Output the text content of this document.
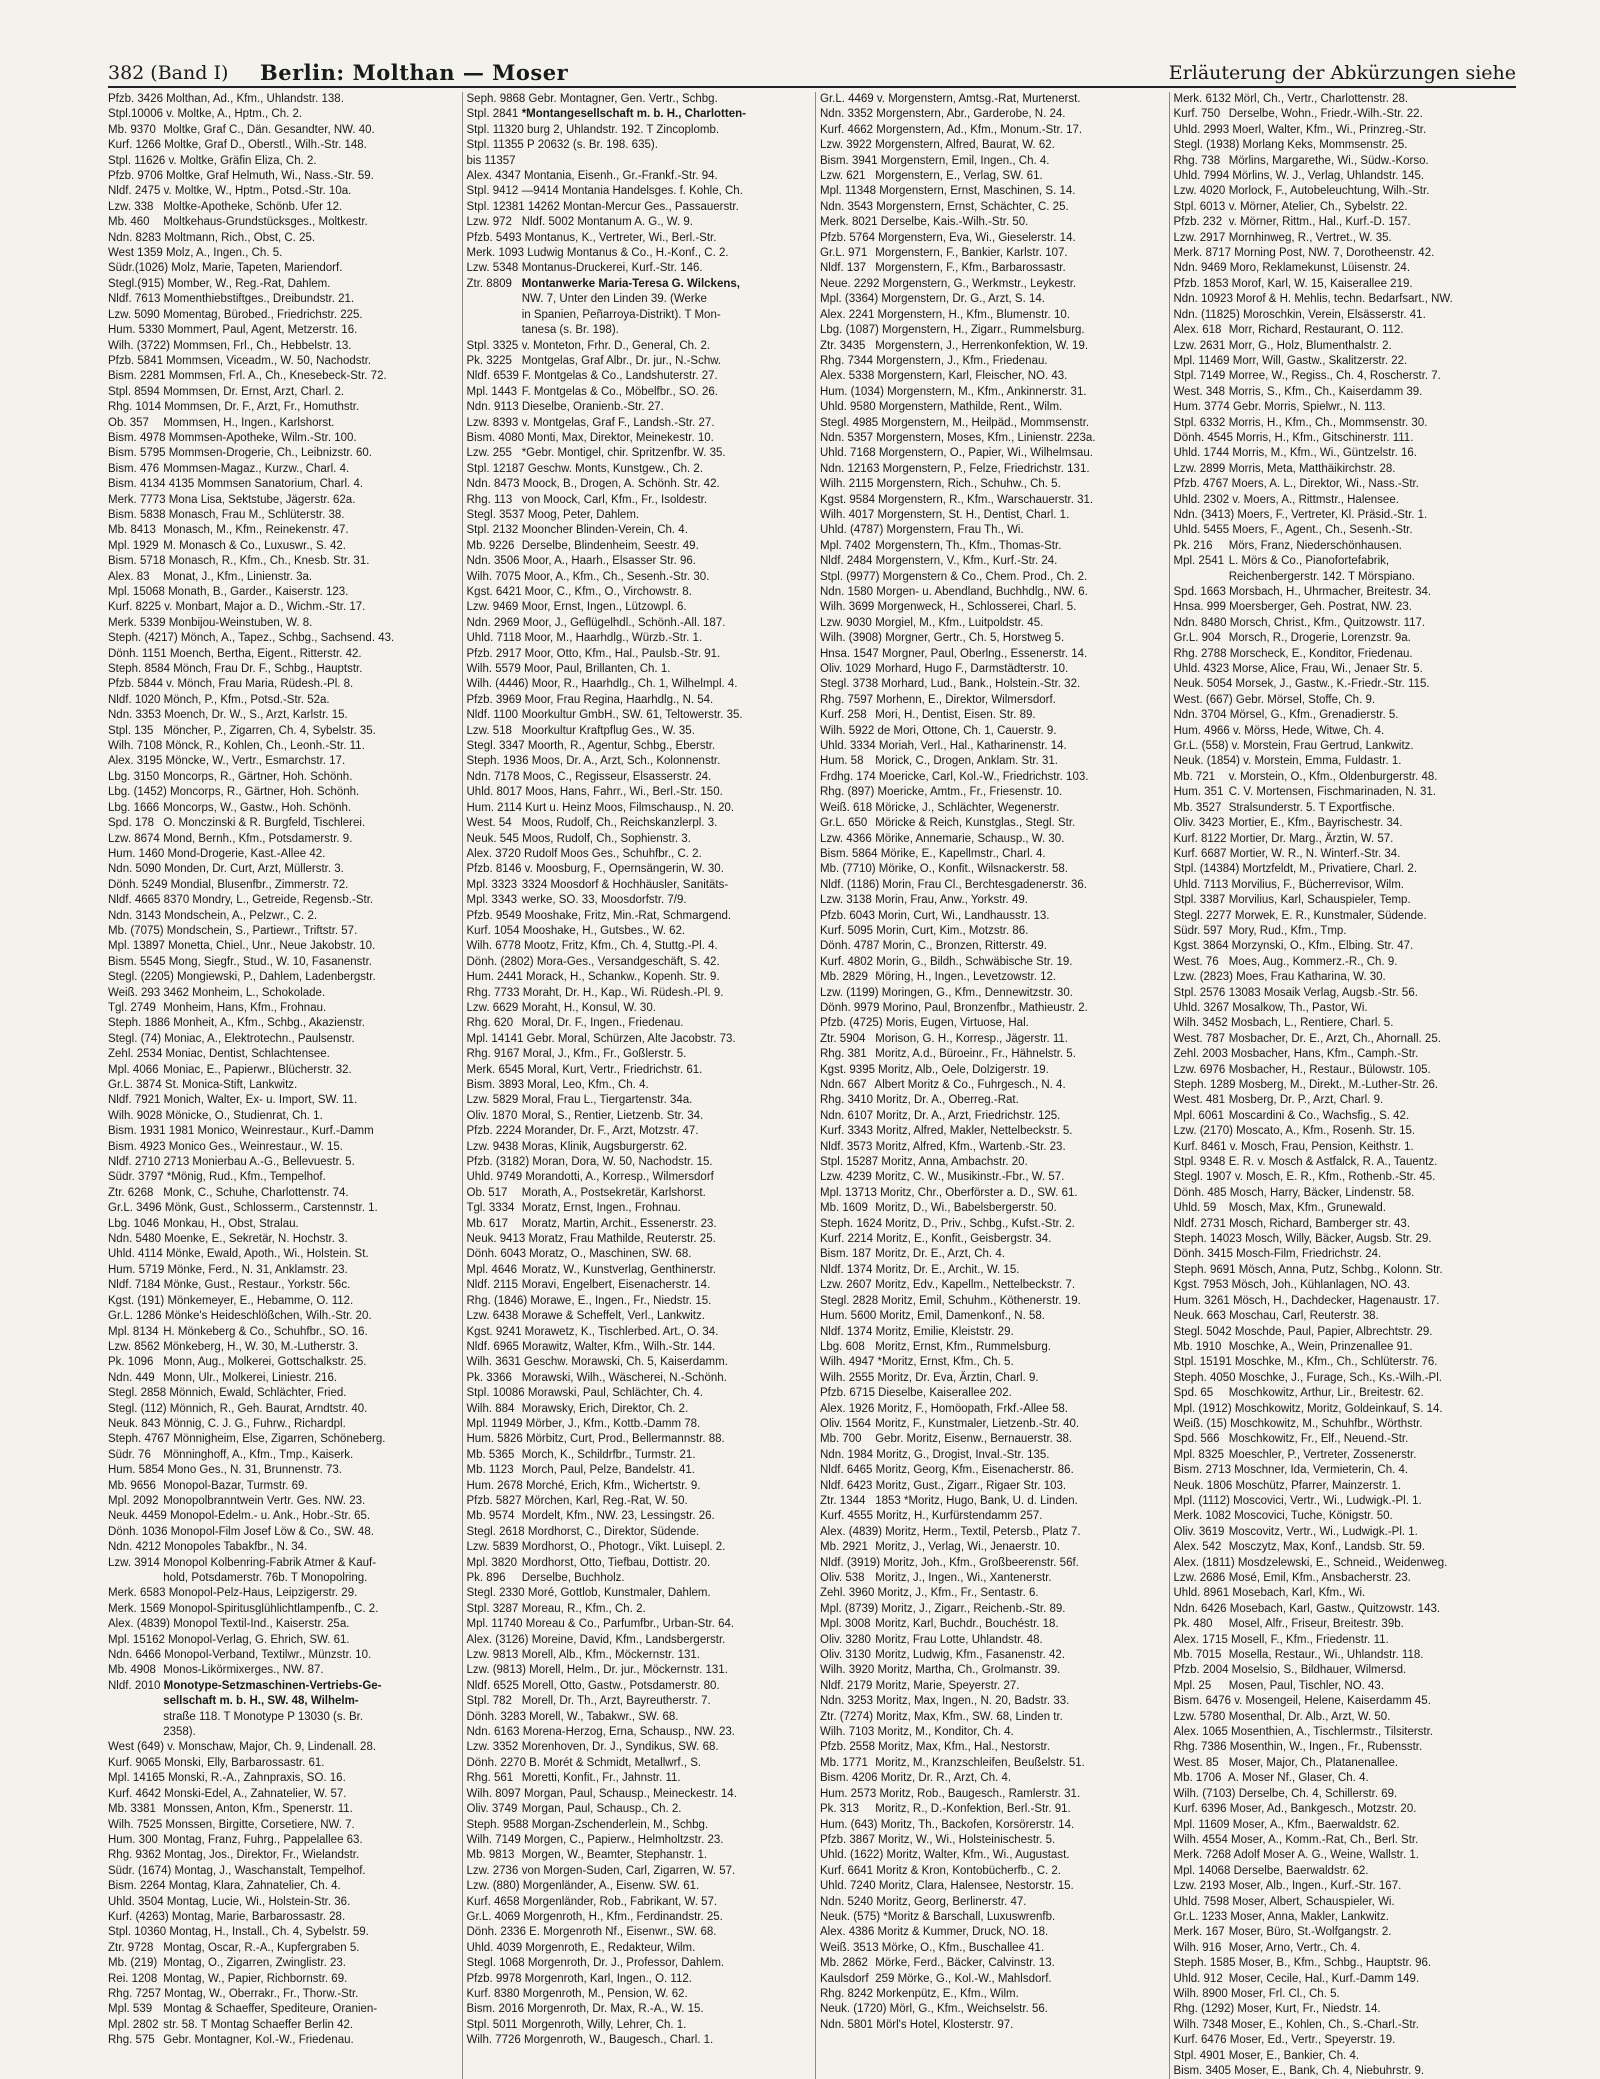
382 (Band I) Berlin: Molthan — Moser	Erläuterung der Abkürzungen siehe
Pfzb. 3426 Molthan, Ad., Kfm., Uhlandstr. 138.
Stpl.10006 v. Moltke, A., Hptm., Ch. 2.
Mb. 9370 Moltke, Graf C., Dän. Gesandter, NW. 40.
Kurf. 1266 Moltke, Graf D., Oberstl., Wilh.-Str. 148.
Stpl. 11626 v. Moltke, Gräfin Eliza, Ch. 2.
Pfzb. 9706 Moltke, Graf Helmuth, Wi., Nass.-Str. 59.
Nldf. 2475 v. Moltke, W., Hptm., Potsd.-Str. 10a.
Lzw. 338 Moltke-Apotheke, Schönb. Ufer 12.
Mb. 460 Moltkehaus-Grundstücksges., Moltkestr.
Ndn. 8283 Moltmann, Rich., Obst, C. 25.
West 1359 Molz, A., Ingen., Ch. 5.
Südr.(1026) Molz, Marie, Tapeten, Mariendorf.
Stegl.(915) Momber, W., Reg.-Rat, Dahlem.
Nldf. 7613 Momenthiebstiftges., Dreibundstr. 21.
Lzw. 5090 Momentag, Bürobed., Friedrichstr. 225.
Hum. 5330 Mommert, Paul, Agent, Metzerstr. 16.
Wilh. (3722) Mommsen, Frl., Ch., Hebbelstr. 13.
Pfzb. 5841 Mommsen, Viceadm., W. 50, Nachodstr.
Bism. 2281 Mommsen, Frl. A., Ch., Knesebeck-Str. 72.
Stpl. 8594 Mommsen, Dr. Ernst, Arzt, Charl. 2.
Rhg. 1014 Mommsen, Dr. F., Arzt, Fr., Homuthstr.
Ob. 357 Mommsen, H., Ingen., Karlshorst.
Bism. 4978 Mommsen-Apotheke, Wilm.-Str. 100.
Bism. 5795 Mommsen-Drogerie, Ch., Leibnizstr. 60.
Bism. 476 Mommsen-Magaz., Kurzw., Charl. 4.
Bism. 4134 4135 Mommsen Sanatorium, Charl. 4.
Merk. 7773 Mona Lisa, Sektstube, Jägerstr. 62a.
Bism. 5838 Monasch, Frau M., Schlüterstr. 38.
Mb. 8413 Monasch, M., Kfm., Reinekenstr. 47.
Mpl. 1929 M. Monasch & Co., Luxuswr., S. 42.
Bism. 5718 Monasch, R., Kfm., Ch., Knesb. Str. 31.
Alex. 83 Monat, J., Kfm., Linienstr. 3a.
Mpl. 15068 Monath, B., Garder., Kaiserstr. 123.
Kurf. 8225 v. Monbart, Major a. D., Wichm.-Str. 17.
Merk. 5339 Monbijou-Weinstuben, W. 8.
Steph. (4217) Mönch, A., Tapez., Schbg., Sachsend. 43.
Dönh. 1151 Moench, Bertha, Eigent., Ritterstr. 42.
Steph. 8584 Mönch, Frau Dr. F., Schbg., Hauptstr.
Pfzb. 5844 v. Mönch, Frau Maria, Rüdesh.-Pl. 8.
Nldf. 1020 Mönch, P., Kfm., Potsd.-Str. 52a.
Ndn. 3353 Moench, Dr. W., S., Arzt, Karlstr. 15.
Stpl. 135 Möncher, P., Zigarren, Ch. 4, Sybelstr. 35.
Wilh. 7108 Mönck, R., Kohlen, Ch., Leonh.-Str. 11.
Alex. 3195 Möncke, W., Vertr., Esmarchstr. 17.
Lbg. 3150 Moncorps, R., Gärtner, Hoh. Schönh.
Lbg. (1452) Moncorps, R., Gärtner, Hoh. Schönh.
Lbg. 1666 Moncorps, W., Gastw., Hoh. Schönh.
Spd. 178 O. Monczinski & R. Burgfeld, Tischlerei.
Lzw. 8674 Mond, Bernh., Kfm., Potsdamerstr. 9.
Hum. 1460 Mond-Drogerie, Kast.-Allee 42.
Ndn. 5090 Monden, Dr. Curt, Arzt, Müllerstr. 3.
Dönh. 5249 Mondial, Blusenfbr., Zimmerstr. 72.
Nldf. 4665 8370 Mondry, L., Getreide, Regensb.-Str.
Ndn. 3143 Mondschein, A., Pelzwr., C. 2.
Mb. (7075) Mondschein, S., Partiewr., Triftstr. 57.
Mpl. 13897 Monetta, Chiel., Unr., Neue Jakobstr. 10.
Bism. 5545 Mong, Siegfr., Stud., W. 10, Fasanenstr.
Stegl. (2205) Mongiewski, P., Dahlem, Ladenbergstr.
Weiß. 293 3462 Monheim, L., Schokolade.
Tgl. 2749 Monheim, Hans, Kfm., Frohnau.
Steph. 1886 Monheit, A., Kfm., Schbg., Akazienstr.
Stegl. (74) Moniac, A., Elektrotechn., Paulsenstr.
Zehl. 2534 Moniac, Dentist, Schlachtensee.
Mpl. 4066 Moniac, E., Papierwr., Blücherstr. 32.
Gr.L. 3874 St. Monica-Stift, Lankwitz.
Nldf. 7921 Monich, Walter, Ex- u. Import, SW. 11.
Wilh. 9028 Mönicke, O., Studienrat, Ch. 1.
Bism. 1931 1981 Monico, Weinrestaur., Kurf.-Damm
Bism. 4923 Monico Ges., Weinrestaur., W. 15.
Nldf. 2710 2713 Monierbau A.-G., Bellevuestr. 5.
Südr. 3797 *Mönig, Rud., Kfm., Tempelhof.
Ztr. 6268 Monk, C., Schuhe, Charlottenstr. 74.
Gr.L. 3496 Mönk, Gust., Schlosserm., Carstennstr. 1.
Lbg. 1046 Monkau, H., Obst, Stralau.
Ndn. 5480 Moenke, E., Sekretär, N. Hochstr. 3.
Uhld. 4114 Mönke, Ewald, Apoth., Wi., Holstein. St.
Hum. 5719 Mönke, Ferd., N. 31, Anklamstr. 23.
Nldf. 7184 Mönke, Gust., Restaur., Yorkstr. 56c.
Kgst. (191) Mönkemeyer, E., Hebamme, O. 112.
Gr.L. 1286 Mönke's Heideschlößchen, Wilh.-Str. 20.
Mpl. 8134 H. Mönkeberg & Co., Schuhfbr., SO. 16.
Lzw. 8562 Mönkeberg, H., W. 30, M.-Lutherstr. 3.
Pk. 1096 Monn, Aug., Molkerei, Gottschalkstr. 25.
Ndn. 449 Monn, Ulr., Molkerei, Liniestr. 216.
Stegl. 2858 Mönnich, Ewald, Schlächter, Fried.
Stegl. (112) Mönnich, R., Geh. Baurat, Arndtstr. 40.
Neuk. 843 Mönnig, C. J. G., Fuhrw., Richardpl.
Steph. 4767 Mönnigheim, Else, Zigarren, Schöneberg.
Südr. 76 Mönninghoff, A., Kfm., Tmp., Kaiserk.
Hum. 5854 Mono Ges., N. 31, Brunnenstr. 73.
Mb. 9656 Monopol-Bazar, Turmstr. 69.
Mpl. 2092 Monopolbranntwein Vertr. Ges. NW. 23.
Neuk. 4459 Monopol-Edelm.- u. Ank., Hobr.-Str. 65.
Dönh. 1036 Monopol-Film Josef Löw & Co., SW. 48.
Ndn. 4212 Monopoles Tabakfbr., N. 34.
Lzw. 3914 Monopol Kolbenring-Fabrik Atmer & Kauf-
hold, Potsdamerstr. 76b. T Monopolring.
Merk. 6583 Monopol-Pelz-Haus, Leipzigerstr. 29.
Merk. 1569 Monopol-Spiritusglühlichtlampenfb., C. 2.
Alex. (4839) Monopol Textil-Ind., Kaiserstr. 25a.
Mpl. 15162 Monopol-Verlag, G. Ehrich, SW. 61.
Ndn. 6466 Monopol-Verband, Textilwr., Münzstr. 10.
Mb. 4908 Monos-Likörmixerges., NW. 87.
Nldf. 2010 Monotype-Setzmaschinen-Vertriebs-Ge-
sellschaft m. b. H., SW. 48, Wilhelm-
straße 118. T Monotype P 13030 (s. Br.
2358).
West (649) v. Monschaw, Major, Ch. 9, Lindenall. 28.
Kurf. 9065 Monski, Elly, Barbarossastr. 61.
Mpl. 14165 Monski, R.-A., Zahnpraxis, SO. 16.
Kurf. 4642 Monski-Edel, A., Zahnatelier, W. 57.
Mb. 3381 Monssen, Anton, Kfm., Spenerstr. 11.
Wilh. 7525 Monssen, Birgitte, Corsetiere, NW. 7.
Hum. 300 Montag, Franz, Fuhrg., Pappelallee 63.
Rhg. 9362 Montag, Jos., Direktor, Fr., Wielandstr.
Südr. (1674) Montag, J., Waschanstalt, Tempelhof.
Bism. 2264 Montag, Klara, Zahnatelier, Ch. 4.
Uhld. 3504 Montag, Lucie, Wi., Holstein-Str. 36.
Kurf. (4263) Montag, Marie, Barbarossastr. 28.
Stpl. 10360 Montag, H., Install., Ch. 4, Sybelstr. 59.
Ztr. 9728 Montag, Oscar, R.-A., Kupfergraben 5.
Mb. (219) Montag, O., Zigarren, Zwinglistr. 23.
Rei. 1208 Montag, W., Papier, Richbornstr. 69.
Rhg. 7257 Montag, W., Oberrakr., Fr., Thorw.-Str.
Mpl. 539 Montag & Schaeffer, Spediteure, Oranien-
Mpl. 2802 str. 58. T Montag Schaeffer Berlin 42.
Rhg. 575 Gebr. Montagner, Kol.-W., Friedenau.
Seph. 9868 Gebr. Montagner, Gen. Vertr., Schbg.
Stpl. 2841 *Montangesellschaft m. b. H., Charlotten-
Stpl. 11320 burg 2, Uhlandstr. 192. T Zincoplomb.
Stpl. 11355 P 20632 (s. Br. 198. 635).
bis 11357
Alex. 4347 Montania, Eisenh., Gr.-Frankf.-Str. 94.
Stpl. 9412 —9414 Montania Handelsges. f. Kohle, Ch.
Stpl. 12381 14262 Montan-Mercur Ges., Passauerstr.
Lzw. 972 Nldf. 5002 Montanum A. G., W. 9.
Pfzb. 5493 Montanus, K., Vertreter, Wi., Berl.-Str.
Merk. 1093 Ludwig Montanus & Co., H.-Konf., C. 2.
Lzw. 5348 Montanus-Druckerei, Kurf.-Str. 146.
Ztr. 8809 Montanwerke Maria-Teresa G. Wilckens,
NW. 7, Unter den Linden 39. (Werke
in Spanien, Peñarroya-Distrikt). T Mon-
tanesa (s. Br. 198).
Stpl. 3325 v. Monteton, Frhr. D., General, Ch. 2.
Pk. 3225 Montgelas, Graf Albr., Dr. jur., N.-Schw.
Nldf. 6539 F. Montgelas & Co., Landshuterstr. 27.
Mpl. 1443 F. Montgelas & Co., Möbelfbr., SO. 26.
Ndn. 9113 Dieselbe, Oranienb.-Str. 27.
Lzw. 8393 v. Montgelas, Graf F., Landsh.-Str. 27.
Bism. 4080 Monti, Max, Direktor, Meinekestr. 10.
Lzw. 255 *Gebr. Montigel, chir. Spritzenfbr. W. 35.
Stpl. 12187 Geschw. Monts, Kunstgew., Ch. 2.
Ndn. 8473 Moock, B., Drogen, A. Schönh. Str. 42.
Rhg. 113 von Moock, Carl, Kfm., Fr., Isoldestr.
Stegl. 3537 Moog, Peter, Dahlem.
Stpl. 2132 Mooncher Blinden-Verein, Ch. 4.
Mb. 9226 Derselbe, Blindenheim, Seestr. 49.
Ndn. 3506 Moor, A., Haarh., Elsasser Str. 96.
Wilh. 7075 Moor, A., Kfm., Ch., Sesenh.-Str. 30.
Kgst. 6421 Moor, C., Kfm., O., Virchowstr. 8.
Lzw. 9469 Moor, Ernst, Ingen., Lützowpl. 6.
Ndn. 2969 Moor, J., Geflügelhdl., Schönh.-All. 187.
Uhld. 7118 Moor, M., Haarhdlg., Würzb.-Str. 1.
Pfzb. 2917 Moor, Otto, Kfm., Hal., Paulsb.-Str. 91.
Wilh. 5579 Moor, Paul, Brillanten, Ch. 1.
Wilh. (4446) Moor, R., Haarhdlg., Ch. 1, Wilhelmpl. 4.
Pfzb. 3969 Moor, Frau Regina, Haarhdlg., N. 54.
Nldf. 1100 Moorkultur GmbH., SW. 61, Teltowerstr. 35.
Lzw. 518 Moorkultur Kraftpflug Ges., W. 35.
Stegl. 3347 Moorth, R., Agentur, Schbg., Eberstr.
Steph. 1936 Moos, Dr. A., Arzt, Sch., Kolonnenstr.
Ndn. 7178 Moos, C., Regisseur, Elsasserstr. 24.
Uhld. 8017 Moos, Hans, Fahrr., Wi., Berl.-Str. 150.
Hum. 2114 Kurt u. Heinz Moos, Filmschausp., N. 20.
West. 54 Moos, Rudolf, Ch., Reichskanzlerpl. 3.
Neuk. 545 Moos, Rudolf, Ch., Sophienstr. 3.
Alex. 3720 Rudolf Moos Ges., Schuhfbr., C. 2.
Pfzb. 8146 v. Moosburg, F., Opernsängerin, W. 30.
Mpl. 3323 3324 Moosdorf & Hochhäusler, Sanitäts-
Mpl. 3343 werke, SO. 33, Moosdorfstr. 7/9.
Pfzb. 9549 Mooshake, Fritz, Min.-Rat, Schmargend.
Kurf. 1054 Mooshake, H., Gutsbes., W. 62.
Wilh. 6778 Mootz, Fritz, Kfm., Ch. 4, Stuttg.-Pl. 4.
Dönh. (2802) Mora-Ges., Versandgeschäft, S. 42.
Hum. 2441 Morack, H., Schankw., Kopenh. Str. 9.
Rhg. 7733 Moraht, Dr. H., Kap., Wi. Rüdesh.-Pl. 9.
Lzw. 6629 Moraht, H., Konsul, W. 30.
Rhg. 620 Moral, Dr. F., Ingen., Friedenau.
Mpl. 14141 Gebr. Moral, Schürzen, Alte Jacobstr. 73.
Rhg. 9167 Moral, J., Kfm., Fr., Goßlerstr. 5.
Merk. 6545 Moral, Kurt, Vertr., Friedrichstr. 61.
Bism. 3893 Moral, Leo, Kfm., Ch. 4.
Lzw. 5829 Moral, Frau L., Tiergartenstr. 34a.
Oliv. 1870 Moral, S., Rentier, Lietzenb. Str. 34.
Pfzb. 2224 Morander, Dr. F., Arzt, Motzstr. 47.
Lzw. 9438 Moras, Klinik, Augsburgerstr. 62.
Pfzb. (3182) Moran, Dora, W. 50, Nachodstr. 15.
Uhld. 9749 Morandotti, A., Korresp., Wilmersdorf
Ob. 517 Morath, A., Postsekretär, Karlshorst.
Tgl. 3334 Moratz, Ernst, Ingen., Frohnau.
Mb. 617 Moratz, Martin, Archit., Essenerstr. 23.
Neuk. 9413 Moratz, Frau Mathilde, Reuterstr. 25.
Dönh. 6043 Moratz, O., Maschinen, SW. 68.
Mpl. 4646 Moratz, W., Kunstverlag, Genthinerstr.
Nldf. 2115 Moravi, Engelbert, Eisenacherstr. 14.
Rhg. (1846) Morawe, E., Ingen., Fr., Niedstr. 15.
Lzw. 6438 Morawe & Scheffelt, Verl., Lankwitz.
Kgst. 9241 Morawetz, K., Tischlerbed. Art., O. 34.
Nldf. 6965 Morawitz, Walter, Kfm., Wilh.-Str. 144.
Wilh. 3631 Geschw. Morawski, Ch. 5, Kaiserdamm.
Pk. 3366 Morawski, Wilh., Wäscherei, N.-Schönh.
Stpl. 10086 Morawski, Paul, Schlächter, Ch. 4.
Wilh. 884 Morawsky, Erich, Direktor, Ch. 2.
Mpl. 11949 Mörber, J., Kfm., Kottb.-Damm 78.
Hum. 5826 Mörbitz, Curt, Prod., Bellermannstr. 88.
Mb. 5365 Morch, K., Schildrfbr., Turmstr. 21.
Mb. 1123 Morch, Paul, Pelze, Bandelstr. 41.
Hum. 2678 Morché, Erich, Kfm., Wichertstr. 9.
Pfzb. 5827 Mörchen, Karl, Reg.-Rat, W. 50.
Mb. 9574 Mordelt, Kfm., NW. 23, Lessingstr. 26.
Stegl. 2618 Mordhorst, C., Direktor, Südende.
Lzw. 5839 Mordhorst, O., Photogr., Vikt. Luisepl. 2.
Mpl. 3820 Mordhorst, Otto, Tiefbau, Dottistr. 20.
Pk. 896 Derselbe, Buchholz.
Stegl. 2330 Moré, Gottlob, Kunstmaler, Dahlem.
Stpl. 3287 Moreau, R., Kfm., Ch. 2.
Mpl. 11740 Moreau & Co., Parfumfbr., Urban-Str. 64.
Alex. (3126) Moreine, David, Kfm., Landsbergerstr.
Lzw. 9813 Morell, Alb., Kfm., Möckernstr. 131.
Lzw. (9813) Morell, Helm., Dr. jur., Möckernstr. 131.
Nldf. 6525 Morell, Otto, Gastw., Potsdamerstr. 80.
Stpl. 782 Morell, Dr. Th., Arzt, Bayreutherstr. 7.
Dönh. 3283 Morell, W., Tabakwr., SW. 68.
Ndn. 6163 Morena-Herzog, Erna, Schausp., NW. 23.
Lzw. 3352 Morenhoven, Dr. J., Syndikus, SW. 68.
Dönh. 2270 B. Morét & Schmidt, Metallwrf., S.
Rhg. 561 Moretti, Konfit., Fr., Jahnstr. 11.
Wilh. 8097 Morgan, Paul, Schausp., Meineckestr. 14.
Oliv. 3749 Morgan, Paul, Schausp., Ch. 2.
Steph. 9588 Morgan-Zschenderlein, M., Schbg.
Wilh. 7149 Morgen, C., Papierw., Helmholtzstr. 23.
Mb. 9813 Morgen, W., Beamter, Stephanstr. 1.
Lzw. 2736 von Morgen-Suden, Carl, Zigarren, W. 57.
Lzw. (880) Morgenländer, A., Eisenw. SW. 61.
Kurf. 4658 Morgenländer, Rob., Fabrikant, W. 57.
Gr.L. 4069 Morgenroth, H., Kfm., Ferdinandstr. 25.
Dönh. 2336 E. Morgenroth Nf., Eisenwr., SW. 68.
Uhld. 4039 Morgenroth, E., Redakteur, Wilm.
Stegl. 1068 Morgenroth, Dr. J., Professor, Dahlem.
Pfzb. 9978 Morgenroth, Karl, Ingen., O. 112.
Kurf. 8380 Morgenroth, M., Pension, W. 62.
Bism. 2016 Morgenroth, Dr. Max, R.-A., W. 15.
Stpl. 5011 Morgenroth, Willy, Lehrer, Ch. 1.
Wilh. 7726 Morgenroth, W., Baugesch., Charl. 1.
Gr.L. 4469 v. Morgenstern, Amtsg.-Rat, Murtenerst.
Ndn. 3352 Morgenstern, Abr., Garderobe, N. 24.
Kurf. 4662 Morgenstern, Ad., Kfm., Monum.-Str. 17.
Lzw. 3922 Morgenstern, Alfred, Baurat, W. 62.
Bism. 3941 Morgenstern, Emil, Ingen., Ch. 4.
Lzw. 621 Morgenstern, E., Verlag, SW. 61.
Mpl. 11348 Morgenstern, Ernst, Maschinen, S. 14.
Ndn. 3543 Morgenstern, Ernst, Schächter, C. 25.
Merk. 8021 Derselbe, Kais.-Wilh.-Str. 50.
Pfzb. 5764 Morgenstern, Eva, Wi., Gieselerstr. 14.
Gr.L. 971 Morgenstern, F., Bankier, Karlstr. 107.
Nldf. 137 Morgenstern, F., Kfm., Barbarossastr.
Neue. 2292 Morgenstern, G., Werkmstr., Leykestr.
Mpl. (3364) Morgenstern, Dr. G., Arzt, S. 14.
Alex. 2241 Morgenstern, H., Kfm., Blumenstr. 10.
Lbg. (1087) Morgenstern, H., Zigarr., Rummelsburg.
Ztr. 3435 Morgenstern, J., Herrenkonfektion, W. 19.
Rhg. 7344 Morgenstern, J., Kfm., Friedenau.
Alex. 5338 Morgenstern, Karl, Fleischer, NO. 43.
Hum. (1034) Morgenstern, M., Kfm., Ankinnerstr. 31.
Uhld. 9580 Morgenstern, Mathilde, Rent., Wilm.
Stegl. 4985 Morgenstern, M., Heilpäd., Mommsenstr.
Ndn. 5357 Morgenstern, Moses, Kfm., Linienstr. 223a.
Uhld. 7168 Morgenstern, O., Papier, Wi., Wilhelmsau.
Ndn. 12163 Morgenstern, P., Felze, Friedrichstr. 131.
Wilh. 2115 Morgenstern, Rich., Schuhw., Ch. 5.
Kgst. 9584 Morgenstern, R., Kfm., Warschauerstr. 31.
Wilh. 4017 Morgenstern, St. H., Dentist, Charl. 1.
Uhld. (4787) Morgenstern, Frau Th., Wi.
Mpl. 7402 Morgenstern, Th., Kfm., Thomas-Str.
Nldf. 2484 Morgenstern, V., Kfm., Kurf.-Str. 24.
Stpl. (9977) Morgenstern & Co., Chem. Prod., Ch. 2.
Ndn. 1580 Morgen- u. Abendland, Buchhdlg., NW. 6.
Wilh. 3699 Morgenweck, H., Schlosserei, Charl. 5.
Lzw. 9030 Morgiel, M., Kfm., Luitpoldstr. 45.
Wilh. (3908) Morgner, Gertr., Ch. 5, Horstweg 5.
Hnsa. 1547 Morgner, Paul, Oberlng., Essenerstr. 14.
Oliv. 1029 Morhard, Hugo F., Darmstädterstr. 10.
Stegl. 3738 Morhard, Lud., Bank., Holstein.-Str. 32.
Rhg. 7597 Morhenn, E., Direktor, Wilmersdorf.
Kurf. 258 Mori, H., Dentist, Eisen. Str. 89.
Wilh. 5922 de Mori, Ottone, Ch. 1, Cauerstr. 9.
Uhld. 3334 Moriah, Verl., Hal., Katharinenstr. 14.
Hum. 58 Morick, C., Drogen, Anklam. Str. 31.
Frdhg. 174 Moericke, Carl, Kol.-W., Friedrichstr. 103.
Rhg. (897) Moericke, Amtm., Fr., Friesenstr. 10.
Weiß. 618 Möricke, J., Schlächter, Wegenerstr.
Gr.L. 650 Möricke & Reich, Kunstglas., Stegl. Str.
Lzw. 4366 Mörike, Annemarie, Schausp., W. 30.
Bism. 5864 Mörike, E., Kapellmstr., Charl. 4.
Mb. (7710) Mörike, O., Konfit., Wilsnackerstr. 58.
Nldf. (1186) Morin, Frau Cl., Berchtesgadenerstr. 36.
Lzw. 3138 Morin, Frau, Anw., Yorkstr. 49.
Pfzb. 6043 Morin, Curt, Wi., Landhausstr. 13.
Kurf. 5095 Morin, Curt, Kim., Motzstr. 86.
Dönh. 4787 Morin, C., Bronzen, Ritterstr. 49.
Kurf. 4802 Morin, G., Bildh., Schwäbische Str. 19.
Mb. 2829 Möring, H., Ingen., Levetzowstr. 12.
Lzw. (1199) Moringen, G., Kfm., Dennewitzstr. 30.
Dönh. 9979 Morino, Paul, Bronzenfbr., Mathieustr. 2.
Pfzb. (4725) Moris, Eugen, Virtuose, Hal.
Ztr. 5904 Morison, G. H., Korresp., Jägerstr. 11.
Rhg. 381 Moritz, A.d., Büroeinr., Fr., Hähnelstr. 5.
Kgst. 9395 Moritz, Alb., Oele, Dolzigerstr. 19.
Ndn. 667 Albert Moritz & Co., Fuhrgesch., N. 4.
Rhg. 3410 Moritz, Dr. A., Oberreg.-Rat.
Ndn. 6107 Moritz, Dr. A., Arzt, Friedrichstr. 125.
Kurf. 3343 Moritz, Alfred, Makler, Nettelbeckstr. 5.
Nldf. 3573 Moritz, Alfred, Kfm., Wartenb.-Str. 23.
Stpl. 15287 Moritz, Anna, Ambachstr. 20.
Lzw. 4239 Moritz, C. W., Musikinstr.-Fbr., W. 57.
Mpl. 13713 Moritz, Chr., Oberförster a. D., SW. 61.
Mb. 1609 Moritz, D., Wi., Babelsbergerstr. 50.
Steph. 1624 Moritz, D., Priv., Schbg., Kufst.-Str. 2.
Kurf. 2214 Moritz, E., Konfit., Geisbergstr. 34.
Bism. 187 Moritz, Dr. E., Arzt, Ch. 4.
Nldf. 1374 Moritz, Dr. E., Archit., W. 15.
Lzw. 2607 Moritz, Edv., Kapellm., Nettelbeckstr. 7.
Stegl. 2828 Moritz, Emil, Schuhm., Köthenerstr. 19.
Hum. 5600 Moritz, Emil, Damenkonf., N. 58.
Nldf. 1374 Moritz, Emilie, Kleiststr. 29.
Lbg. 608 Moritz, Ernst, Kfm., Rummelsburg.
Wilh. 4947 *Moritz, Ernst, Kfm., Ch. 5.
Wilh. 2555 Moritz, Dr. Eva, Ärztin, Charl. 9.
Pfzb. 6715 Dieselbe, Kaiserallee 202.
Alex. 1926 Moritz, F., Homöopath, Frkf.-Allee 58.
Oliv. 1564 Moritz, F., Kunstmaler, Lietzenb.-Str. 40.
Mb. 700 Gebr. Moritz, Eisenw., Bernauerstr. 38.
Ndn. 1984 Moritz, G., Drogist, Inval.-Str. 135.
Nldf. 6465 Moritz, Georg, Kfm., Eisenacherstr. 86.
Nldf. 6423 Moritz, Gust., Zigarr., Rigaer Str. 103.
Ztr. 1344 1853 *Moritz, Hugo, Bank, U. d. Linden.
Kurf. 4555 Moritz, H., Kurfürstendamm 257.
Alex. (4839) Moritz, Herm., Textil, Petersb., Platz 7.
Mb. 2921 Moritz, J., Verlag, Wi., Jenaerstr. 10.
Nldf. (3919) Moritz, Joh., Kfm., Großbeerenstr. 56f.
Oliv. 538 Moritz, J., Ingen., Wi., Xantenerstr.
Zehl. 3960 Moritz, J., Kfm., Fr., Sentastr. 6.
Mpl. (8739) Moritz, J., Zigarr., Reichenb.-Str. 89.
Mpl. 3008 Moritz, Karl, Buchdr., Bouchéstr. 18.
Oliv. 3280 Moritz, Frau Lotte, Uhlandstr. 48.
Oliv. 3130 Moritz, Ludwig, Kfm., Fasanenstr. 42.
Wilh. 3920 Moritz, Martha, Ch., Grolmanstr. 39.
Nldf. 2179 Moritz, Marie, Speyerstr. 27.
Ndn. 3253 Moritz, Max, Ingen., N. 20, Badstr. 33.
Ztr. (7274) Moritz, Max, Kfm., SW. 68, Linden tr.
Wilh. 7103 Moritz, M., Konditor, Ch. 4.
Pfzb. 2558 Moritz, Max, Kfm., Hal., Nestorstr.
Mb. 1771 Moritz, M., Kranzschleifen, Beußelstr. 51.
Bism. 4206 Moritz, Dr. R., Arzt, Ch. 4.
Hum. 2573 Moritz, Rob., Baugesch., Ramlerstr. 31.
Pk. 313 Moritz, R., D.-Konfektion, Berl.-Str. 91.
Hum. (643) Moritz, Th., Backofen, Korsörerstr. 14.
Pfzb. 3867 Moritz, W., Wi., Holsteinischestr. 5.
Uhld. (1622) Moritz, Walter, Kfm., Wi., Augustast.
Kurf. 6641 Moritz & Kron, Kontobücherfb., C. 2.
Uhld. 7240 Moritz, Clara, Halensee, Nestorstr. 15.
Ndn. 5240 Moritz, Georg, Berlinerstr. 47.
Neuk. (575) *Moritz & Barschall, Luxuswrenfb.
Alex. 4386 Moritz & Kummer, Druck, NO. 18.
Weiß. 3513 Mörke, O., Kfm., Buschallee 41.
Mb. 2862 Mörke, Ferd., Bäcker, Calvinstr. 13.
Kaulsdorf 259 Mörke, G., Kol.-W., Mahlsdorf.
Rhg. 8242 Morkenpütz, E., Kfm., Wilm.
Neuk. (1720) Mörl, G., Kfm., Weichselstr. 56.
Ndn. 5801 Mörl's Hotel, Klosterstr. 97.
Merk. 6132 Mörl, Ch., Vertr., Charlottenstr. 28.
Kurf. 750 Derselbe, Wohn., Friedr.-Wilh.-Str. 22.
Uhld. 2993 Moerl, Walter, Kfm., Wi., Prinzreg.-Str.
Stegl. (1938) Morlang Keks, Mommsenstr. 25.
Rhg. 738 Mörlins, Margarethe, Wi., Südw.-Korso.
Uhld. 7994 Mörlins, W. J., Verlag, Uhlandstr. 145.
Lzw. 4020 Morlock, F., Autobeleuchtung, Wilh.-Str.
Stpl. 6013 v. Mörner, Atelier, Ch., Sybelstr. 22.
Pfzb. 232 v. Mörner, Rittm., Hal., Kurf.-D. 157.
Lzw. 2917 Mornhinweg, R., Vertret., W. 35.
Merk. 8717 Morning Post, NW. 7, Dorotheenstr. 42.
Ndn. 9469 Moro, Reklamekunst, Lüisenstr. 24.
Pfzb. 1853 Morof, Karl, W. 15, Kaiserallee 219.
Ndn. 10923 Morof & H. Mehlis, techn. Bedarfsart., NW.
Ndn. (11825) Moroschkin, Verein, Elsässerstr. 41.
Alex. 618 Morr, Richard, Restaurant, O. 112.
Lzw. 2631 Morr, G., Holz, Blumenthalstr. 2.
Mpl. 11469 Morr, Will, Gastw., Skalitzerstr. 22.
Stpl. 7149 Morree, W., Regiss., Ch. 4, Roscherstr. 7.
West. 348 Morris, S., Kfm., Ch., Kaiserdamm 39.
Hum. 3774 Gebr. Morris, Spielwr., N. 113.
Stpl. 6332 Morris, H., Kfm., Ch., Mommsenstr. 30.
Dönh. 4545 Morris, H., Kfm., Gitschinerstr. 111.
Uhld. 1744 Morris, M., Kfm., Wi., Güntzelstr. 16.
Lzw. 2899 Morris, Meta, Matthäikirchstr. 28.
Pfzb. 4767 Moers, A. L., Direktor, Wi., Nass.-Str.
Uhld. 2302 v. Moers, A., Rittmstr., Halensee.
Ndn. (3413) Moers, F., Vertreter, Kl. Präsid.-Str. 1.
Uhld. 5455 Moers, F., Agent., Ch., Sesenh.-Str.
Pk. 216 Mörs, Franz, Niederschönhausen.
Mpl. 2541 L. Mörs & Co., Pianofortefabrik,
Reichenbergerstr. 142. T Mörspiano.
Spd. 1663 Morsbach, H., Uhrmacher, Breitestr. 34.
Hnsa. 999 Moersberger, Geh. Postrat, NW. 23.
Ndn. 8480 Morsch, Christ., Kfm., Quitzowstr. 117.
Gr.L. 904 Morsch, R., Drogerie, Lorenzstr. 9a.
Rhg. 2788 Morscheck, E., Konditor, Friedenau.
Uhld. 4323 Morse, Alice, Frau, Wi., Jenaer Str. 5.
Neuk. 5054 Morsek, J., Gastw., K.-Friedr.-Str. 115.
West. (667) Gebr. Mörsel, Stoffe, Ch. 9.
Ndn. 3704 Mörsel, G., Kfm., Grenadierstr. 5.
Hum. 4966 v. Mörss, Hede, Witwe, Ch. 4.
Gr.L. (558) v. Morstein, Frau Gertrud, Lankwitz.
Neuk. (1854) v. Morstein, Emma, Fuldastr. 1.
Mb. 721 v. Morstein, O., Kfm., Oldenburgerstr. 48.
Hum. 351 C. V. Mortensen, Fischmarinaden, N. 31.
Mb. 3527 Stralsunderstr. 5. T Exportfische.
Oliv. 3423 Mortier, E., Kfm., Bayrischestr. 34.
Kurf. 8122 Mortier, Dr. Marg., Ärztin, W. 57.
Kurf. 6687 Mortier, W. R., N. Winterf.-Str. 34.
Stpl. (14384) Mortzfeldt, M., Privatiere, Charl. 2.
Uhld. 7113 Morvilius, F., Bücherrevisor, Wilm.
Stpl. 3387 Morvilius, Karl, Schauspieler, Temp.
Stegl. 2277 Morwek, E. R., Kunstmaler, Südende.
Südr. 597 Mory, Rud., Kfm., Tmp.
Kgst. 3864 Morzynski, O., Kfm., Elbing. Str. 47.
West. 76 Moes, Aug., Kommerz.-R., Ch. 9.
Lzw. (2823) Moes, Frau Katharina, W. 30.
Stpl. 2576 13083 Mosaik Verlag, Augsb.-Str. 56.
Uhld. 3267 Mosalkow, Th., Pastor, Wi.
Wilh. 3452 Mosbach, L., Rentiere, Charl. 5.
West. 787 Mosbacher, Dr. E., Arzt, Ch., Ahornall. 25.
Zehl. 2003 Mosbacher, Hans, Kfm., Camph.-Str.
Lzw. 6976 Mosbacher, H., Restaur., Bülowstr. 105.
Steph. 1289 Mosberg, M., Direkt., M.-Luther-Str. 26.
West. 481 Mosberg, Dr. P., Arzt, Charl. 9.
Mpl. 6061 Moscardini & Co., Wachsfig., S. 42.
Lzw. (2170) Moscato, A., Kfm., Rosenh. Str. 15.
Kurf. 8461 v. Mosch, Frau, Pension, Keithstr. 1.
Stpl. 9348 E. R. v. Mosch & Astfalck, R. A., Tauentz.
Stegl. 1907 v. Mosch, E. R., Kfm., Rothenb.-Str. 45.
Dönh. 485 Mosch, Harry, Bäcker, Lindenstr. 58.
Uhld. 59 Mosch, Max, Kfm., Grunewald.
Nldf. 2731 Mosch, Richard, Bamberger str. 43.
Steph. 14023 Mosch, Willy, Bäcker, Augsb. Str. 29.
Dönh. 3415 Mosch-Film, Friedrichstr. 24.
Steph. 9691 Mösch, Anna, Putz, Schbg., Kolonn. Str.
Kgst. 7953 Mösch, Joh., Kühlanlagen, NO. 43.
Hum. 3261 Mösch, H., Dachdecker, Hagenaustr. 17.
Neuk. 663 Moschau, Carl, Reuterstr. 38.
Stegl. 5042 Moschde, Paul, Papier, Albrechtstr. 29.
Mb. 1910 Moschke, A., Wein, Prinzenallee 91.
Stpl. 15191 Moschke, M., Kfm., Ch., Schlüterstr. 76.
Steph. 4050 Moschke, J., Furage, Sch., Ks.-Wilh.-Pl.
Spd. 65 Moschkowitz, Arthur, Lir., Breitestr. 62.
Mpl. (1912) Moschkowitz, Moritz, Goldeinkauf, S. 14.
Weiß. (15) Moschkowitz, M., Schuhfbr., Wörthstr.
Spd. 566 Moschkowitz, Fr., Elf., Neuend.-Str.
Mpl. 8325 Moeschler, P., Vertreter, Zossenerstr.
Bism. 2713 Moschner, Ida, Vermieterin, Ch. 4.
Neuk. 1806 Moschütz, Pfarrer, Mainzerstr. 1.
Mpl. (1112) Moscovici, Vertr., Wi., Ludwigk.-Pl. 1.
Merk. 1082 Moscovici, Tuche, Königstr. 50.
Oliv. 3619 Moscovitz, Vertr., Wi., Ludwigk.-Pl. 1.
Alex. 542 Mosczytz, Max, Konf., Landsb. Str. 59.
Alex. (1811) Mosdzelewski, E., Schneid., Weidenweg.
Lzw. 2686 Mosé, Emil, Kfm., Ansbacherstr. 23.
Uhld. 8961 Mosebach, Karl, Kfm., Wi.
Ndn. 6426 Mosebach, Karl, Gastw., Quitzowstr. 143.
Pk. 480 Mosel, Alfr., Friseur, Breitestr. 39b.
Alex. 1715 Mosell, F., Kfm., Friedenstr. 11.
Mb. 7015 Mosella, Restaur., Wi., Uhlandstr. 118.
Pfzb. 2004 Moselsio, S., Bildhauer, Wilmersd.
Mpl. 25 Mosen, Paul, Tischler, NO. 43.
Bism. 6476 v. Mosengeil, Helene, Kaiserdamm 45.
Lzw. 5780 Mosenthal, Dr. Alb., Arzt, W. 50.
Alex. 1065 Mosenthien, A., Tischlermstr., Tilsiterstr.
Rhg. 7386 Mosenthin, W., Ingen., Fr., Rubensstr.
West. 85 Moser, Major, Ch., Platanenallee.
Mb. 1706 A. Moser Nf., Glaser, Ch. 4.
Wilh. (7103) Derselbe, Ch. 4, Schillerstr. 69.
Kurf. 6396 Moser, Ad., Bankgesch., Motzstr. 20.
Mpl. 11609 Moser, A., Kfm., Baerwaldstr. 62.
Wilh. 4554 Moser, A., Komm.-Rat, Ch., Berl. Str.
Merk. 7268 Adolf Moser A. G., Weine, Wallstr. 1.
Mpl. 14068 Derselbe, Baerwaldstr. 62.
Lzw. 2193 Moser, Alb., Ingen., Kurf.-Str. 167.
Uhld. 7598 Moser, Albert, Schauspieler, Wi.
Gr.L. 1233 Moser, Anna, Makler, Lankwitz.
Merk. 167 Moser, Büro, St.-Wolfgangstr. 2.
Wilh. 916 Moser, Arno, Vertr., Ch. 4.
Steph. 1585 Moser, B., Kfm., Schbg., Hauptstr. 96.
Uhld. 912 Moser, Cecile, Hal., Kurf.-Damm 149.
Wilh. 8900 Moser, Frl. Cl., Ch. 5.
Rhg. (1292) Moser, Kurt, Fr., Niedstr. 14.
Wilh. 7348 Moser, E., Kohlen, Ch., S.-Charl.-Str.
Kurf. 6476 Moser, Ed., Vertr., Speyerstr. 19.
Stpl. 4901 Moser, E., Bankier, Ch. 4.
Bism. 3405 Moser, E., Bank, Ch. 4, Niebuhrstr. 9.
